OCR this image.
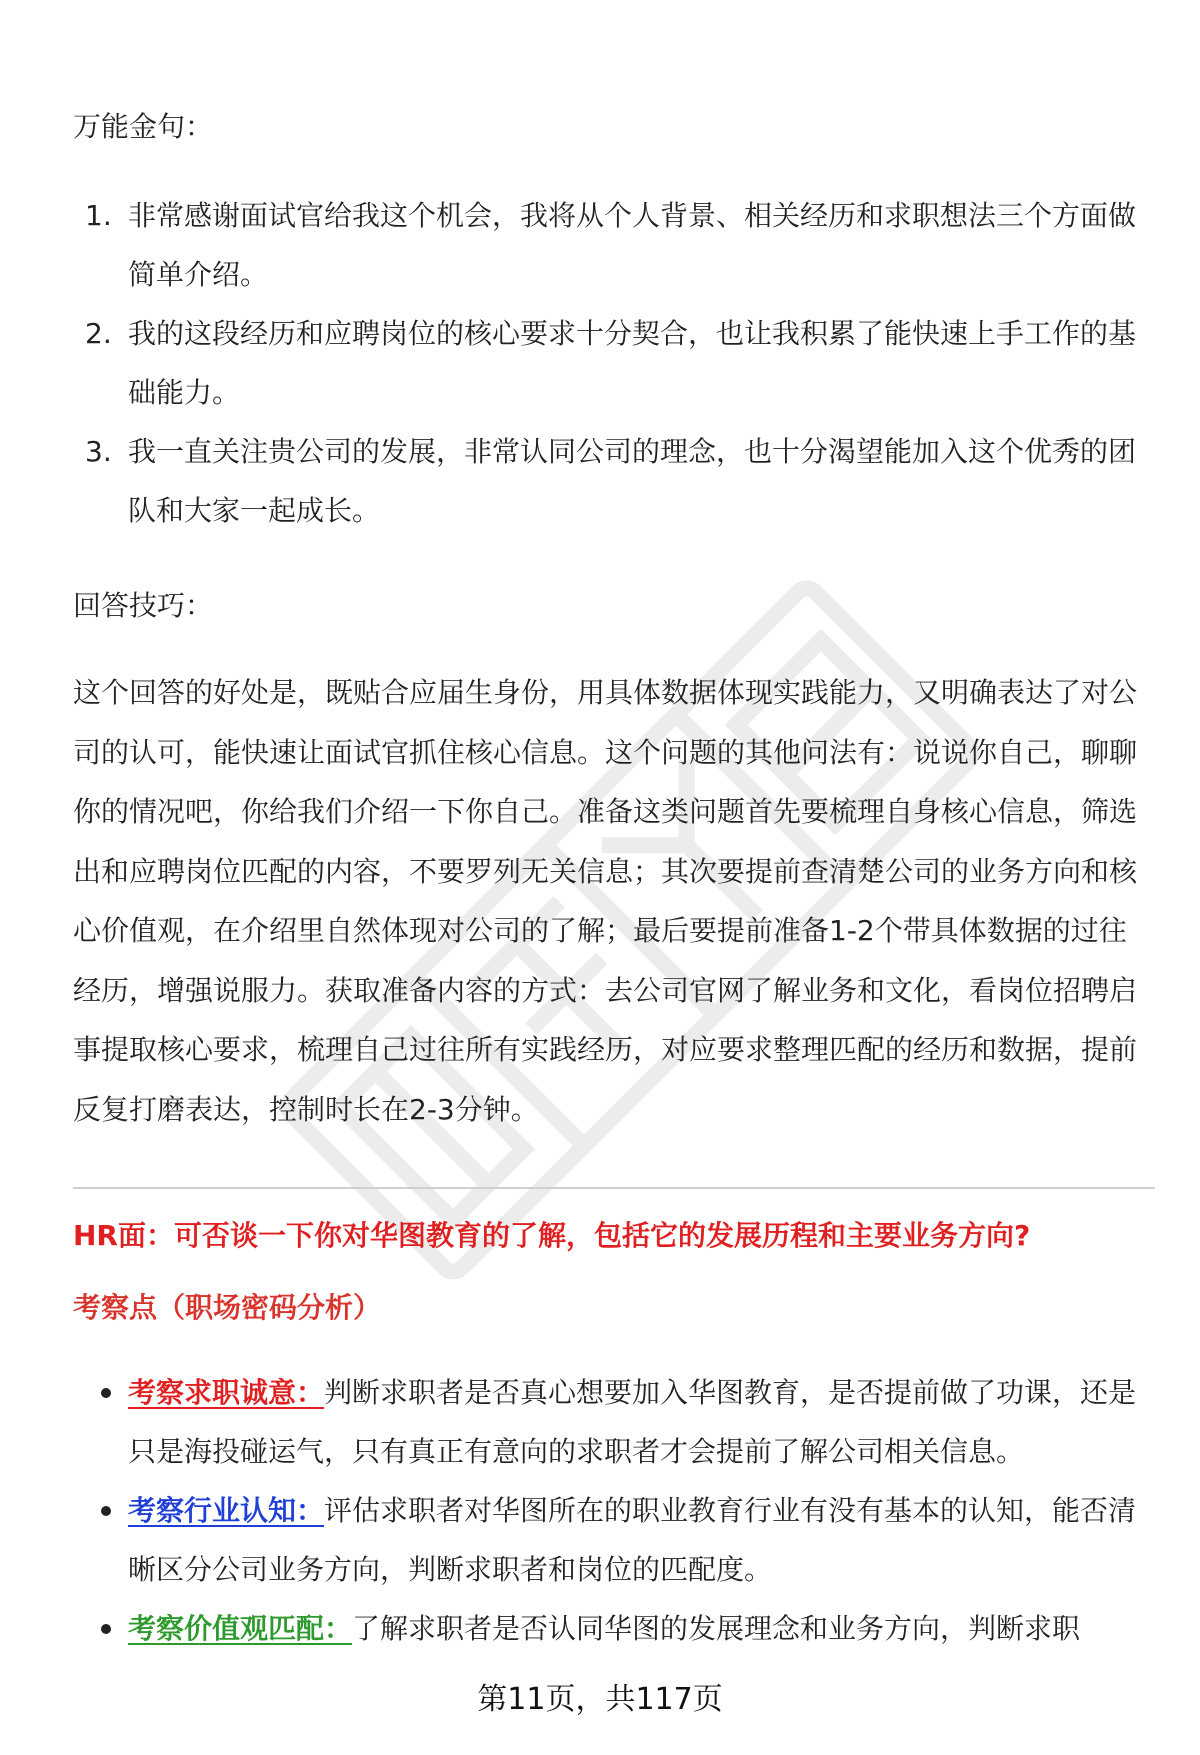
万能金句：

1. 非常感谢面试官给我这个机会，我将从个人背景、相关经历和求职想法三个方面做简单介绍。
2. 我的这段经历和应聘岗位的核心要求十分契合，也让我积累了能快速上手工作的基础能力。
3. 我一直关注贵公司的发展，非常认同公司的理念，也十分渴望能加入这个优秀的团队和大家一起成长。

回答技巧：

这个回答的好处是，既贴合应届生身份，用具体数据体现实践能力，又明确表达了对公司的认可，能快速让面试官抓住核心信息。这个问题的其他问法有：说说你自己，聊聊你的情况吧，你给我们介绍一下你自己。准备这类问题首先要梳理自身核心信息，筛选出和应聘岗位匹配的内容，不要罗列无关信息；其次要提前查清楚公司的业务方向和核心价值观，在介绍里自然体现对公司的了解；最后要提前准备1-2个带具体数据的过往经历，增强说服力。获取准备内容的方式：去公司官网了解业务和文化，看岗位招聘启事提取核心要求，梳理自己过往所有实践经历，对应要求整理匹配的经历和数据，提前反复打磨表达，控制时长在2-3分钟。

HR面：可否谈一下你对华图教育的了解，包括它的发展历程和主要业务方向?

考察点（职场密码分析）

考察求职诚意：判断求职者是否真心想要加入华图教育，是否提前做了功课，还是只是海投碰运气，只有真正有意向的求职者才会提前了解公司相关信息。
考察行业认知：评估求职者对华图所在的职业教育行业有没有基本的认知，能否清晰区分公司业务方向，判断求职者和岗位的匹配度。
考察价值观匹配：了解求职者是否认同华图的发展理念和业务方向，判断求职
第11页，共117页
